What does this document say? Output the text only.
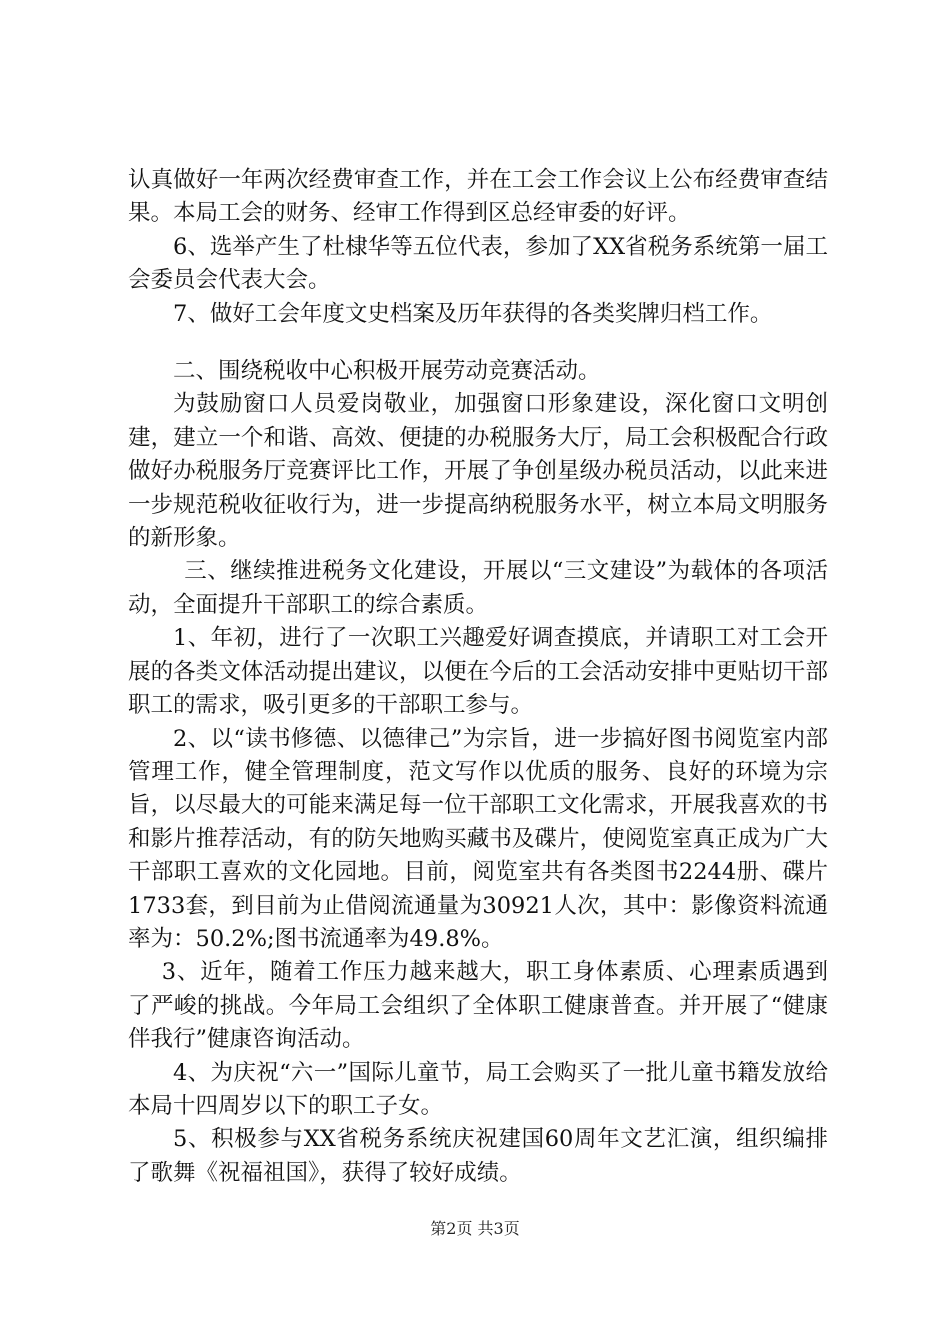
认真做好一年两次经费审查工作，并在工会工作会议上公布经费审查结果。本局工会的财务、经审工作得到区总经审委的好评。

6、选举产生了杜棣华等五位代表，参加了XX省税务系统第一届工会委员会代表大会。

7、做好工会年度文史档案及历年获得的各类奖牌归档工作。

二、围绕税收中心积极开展劳动竞赛活动。

为鼓励窗口人员爱岗敬业，加强窗口形象建设，深化窗口文明创建，建立一个和谐、高效、便捷的办税服务大厅，局工会积极配合行政做好办税服务厅竞赛评比工作，开展了争创星级办税员活动，以此来进一步规范税收征收行为，进一步提高纳税服务水平，树立本局文明服务的新形象。

三、继续推进税务文化建设，开展以“三文建设”为载体的各项活动，全面提升干部职工的综合素质。

1、年初，进行了一次职工兴趣爱好调查摸底，并请职工对工会开展的各类文体活动提出建议，以便在今后的工会活动安排中更贴切干部职工的需求，吸引更多的干部职工参与。

2、以“读书修德、以德律己”为宗旨，进一步搞好图书阅览室内部管理工作，健全管理制度，范文写作以优质的服务、良好的环境为宗旨，以尽最大的可能来满足每一位干部职工文化需求，开展我喜欢的书和影片推荐活动，有的防矢地购买藏书及碟片，使阅览室真正成为广大干部职工喜欢的文化园地。目前，阅览室共有各类图书2244册、碟片1733套，到目前为止借阅流通量为30921人次，其中：影像资料流通率为：50.2%;图书流通率为49.8%。

3、近年，随着工作压力越来越大，职工身体素质、心理素质遇到了严峻的挑战。今年局工会组织了全体职工健康普查。并开展了“健康伴我行”健康咨询活动。

4、为庆祝“六一”国际儿童节，局工会购买了一批儿童书籍发放给本局十四周岁以下的职工子女。

5、积极参与XX省税务系统庆祝建国60周年文艺汇演，组织编排了歌舞《祝福祖国》，获得了较好成绩。

第2页 共3页
